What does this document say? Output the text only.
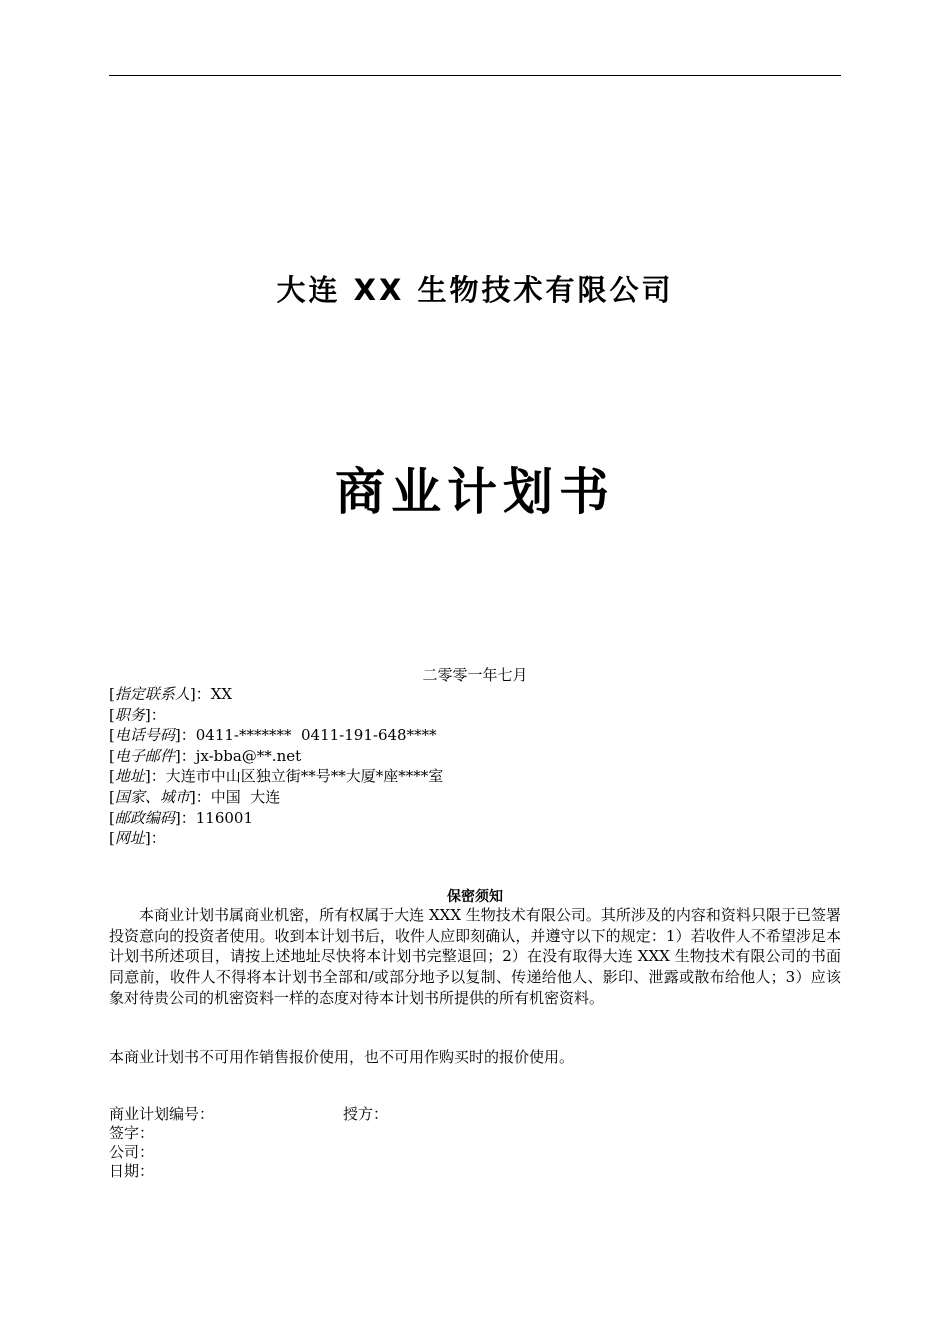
大连 XX 生物技术有限公司
商业计划书
二零零一年七月
[指定联系人]：XX
[职务]：
[电话号码]：0411-*******  0411-191-648****
[电子邮件]：jx-bba@**.net
[地址]：大连市中山区独立街**号**大厦*座****室
[国家、城市]：中国  大连
[邮政编码]：116001
[网址]：
保密须知
本商业计划书属商业机密，所有权属于大连 XXX 生物技术有限公司。其所涉及的内容和资料只限于已签署投资意向的投资者使用。收到本计划书后，收件人应即刻确认，并遵守以下的规定：1）若收件人不希望涉足本计划书所述项目，请按上述地址尽快将本计划书完整退回；2）在没有取得大连 XXX 生物技术有限公司的书面同意前，收件人不得将本计划书全部和/或部分地予以复制、传递给他人、影印、泄露或散布给他人；3）应该象对待贵公司的机密资料一样的态度对待本计划书所提供的所有机密资料。
本商业计划书不可用作销售报价使用，也不可用作购买时的报价使用。
商业计划编号：	授方：
签字：
公司：
日期：
